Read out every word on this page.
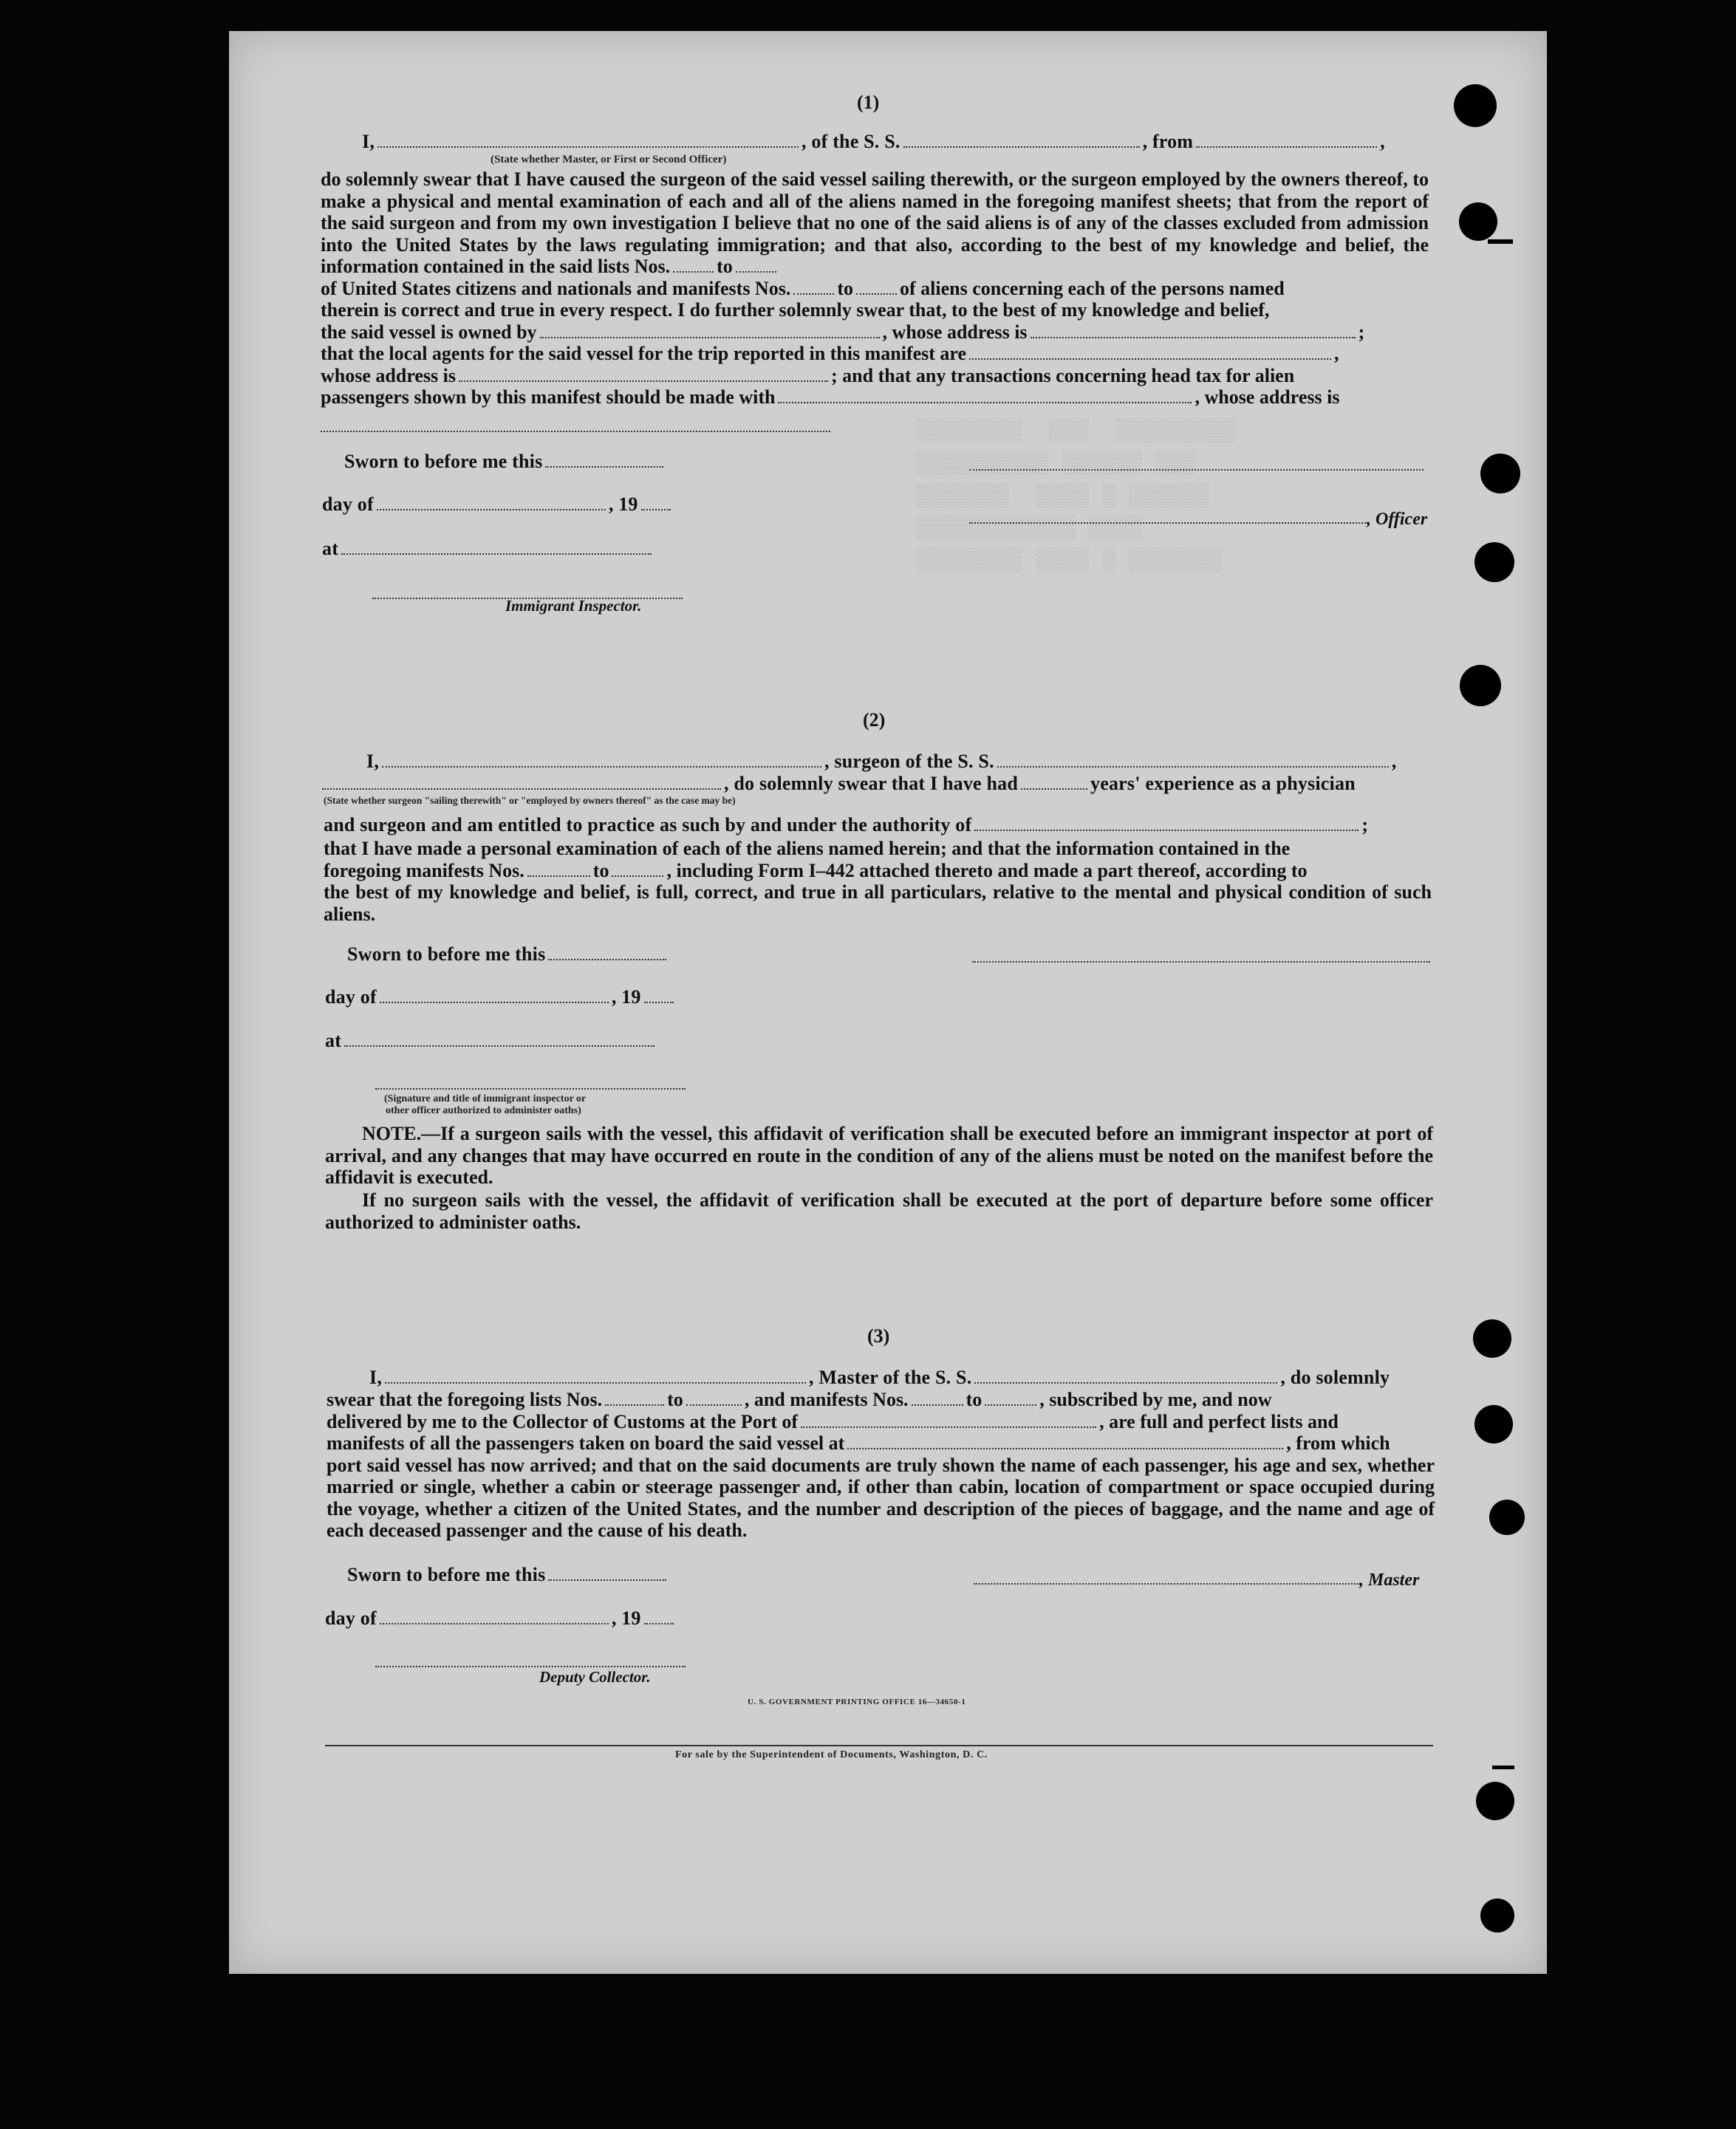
▒▒▒▒▒▒▒▒  ▒▒▒  ▒▒▒▒▒▒▒▒▒
▒▒▒▒▒▒▒▒▒▒ ▒▒▒▒▒▒ ▒▒▒
▒▒▒▒▒▒▒  ▒▒▒▒ ▒ ▒▒▒▒▒▒
▒▒▒▒▒▒▒▒▒▒▒▒ ▒▒▒▒
▒▒▒▒▒▒▒▒ ▒▒▒▒ ▒ ▒▒▒▒▒▒▒
(1)
I,	, of the S. S.	, from	,
(State whether Master, or First or Second Officer)
do solemnly swear that I have caused the surgeon of the said vessel sailing therewith, or the surgeon employed by the owners thereof, to make a physical and mental examination of each and all of the aliens named in the foregoing manifest sheets; that from the report of the said surgeon and from my own investigation I believe that no one of the said aliens is of any of the classes excluded from admission into the United States by the laws regulating immigration; and that also, according to the best of my knowledge and belief, the information contained in the said lists Nos. to
of United States citizens and nationals and manifests Nos. to of aliens concerning each of the persons named
therein is correct and true in every respect. I do further solemnly swear that, to the best of my knowledge and belief,
the said vessel is owned by	, whose address is	;
that the local agents for the said vessel for the trip reported in this manifest are	,
whose address is	; and that any transactions concerning head tax for alien
passengers shown by this manifest should be made with	, whose address is
Sworn to before me this
day of	, 19
, Officer
at
Immigrant Inspector.
(2)
I,	, surgeon of the S. S.	,
, do solemnly swear that I have had	years' experience as a physician
(State whether surgeon "sailing therewith" or "employed by owners thereof" as the case may be)
and surgeon and am entitled to practice as such by and under the authority of	;
that I have made a personal examination of each of the aliens named herein; and that the information contained in the
foregoing manifests Nos.	to	, including Form I–442 attached thereto and made a part thereof, according to
the best of my knowledge and belief, is full, correct, and true in all particulars, relative to the mental and physical condition of such aliens.
Sworn to before me this
day of	, 19
at
(Signature and title of immigrant inspector or
other officer authorized to administer oaths)
NOTE.—If a surgeon sails with the vessel, this affidavit of verification shall be executed before an immigrant inspector at port of arrival, and any changes that may have occurred en route in the condition of any of the aliens must be noted on the manifest before the affidavit is executed.
If no surgeon sails with the vessel, the affidavit of verification shall be executed at the port of departure before some officer authorized to administer oaths.
(3)
I,	, Master of the S. S.	, do solemnly
swear that the foregoing lists Nos.	to	, and manifests Nos.	to	, subscribed by me, and now
delivered by me to the Collector of Customs at the Port of	, are full and perfect lists and
manifests of all the passengers taken on board the said vessel at	, from which
port said vessel has now arrived; and that on the said documents are truly shown the name of each passenger, his age and sex, whether married or single, whether a cabin or steerage passenger and, if other than cabin, location of compartment or space occupied during the voyage, whether a citizen of the United States, and the number and description of the pieces of baggage, and the name and age of each deceased passenger and the cause of his death.
Sworn to before me this	, Master
day of	, 19
Deputy Collector.
U. S. GOVERNMENT PRINTING OFFICE 16—34650-1
For sale by the Superintendent of Documents, Washington, D. C.
